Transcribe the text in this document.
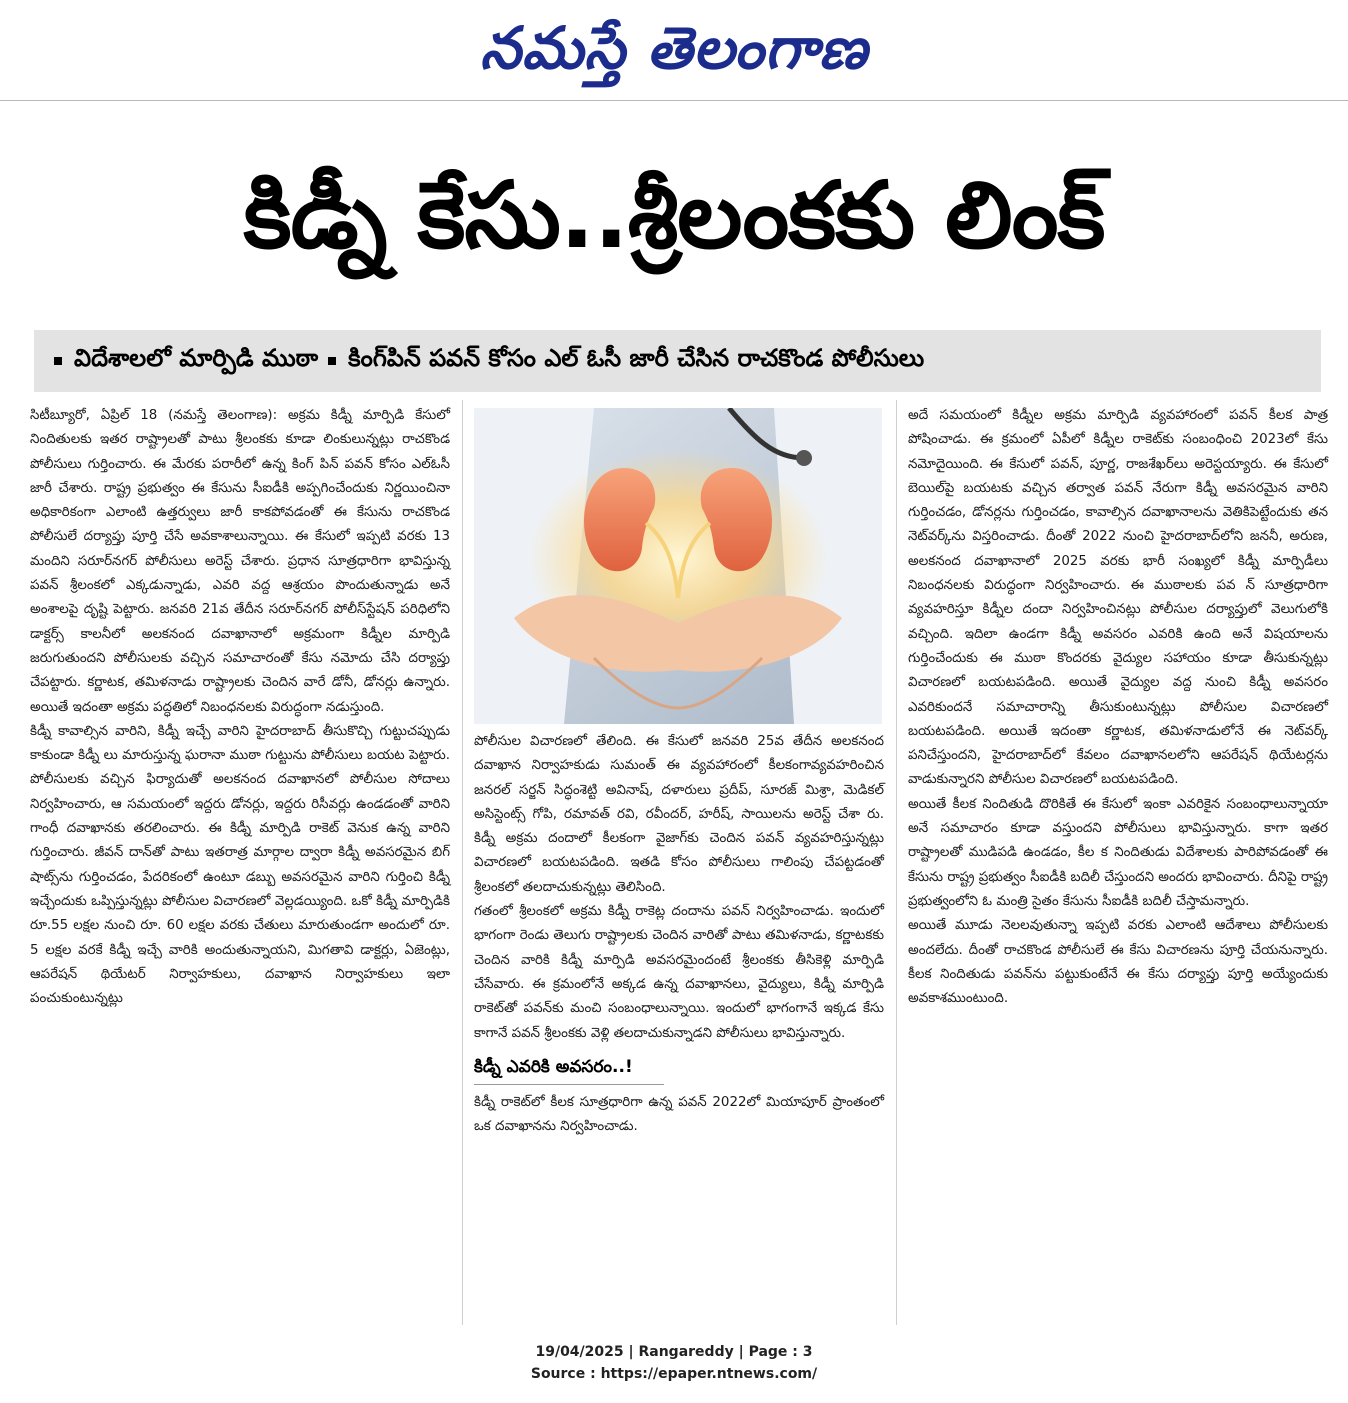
నమస్తే తెలంగాణ
కిడ్నీ కేసు..శ్రీలంకకు లింక్
విదేశాలలో మార్పిడి ముఠా కింగ్‌పిన్ పవన్ కోసం ఎల్ ఓసీ జారీ చేసిన రాచకొండ పోలీసులు

సిటీబ్యూరో, ఏప్రిల్ 18 (నమస్తే తెలంగాణ): అక్రమ కిడ్నీ మార్పిడి కేసులో నిందితులకు ఇతర రాష్ట్రాలతో పాటు శ్రీలంకకు కూడా లింకులున్నట్లు రాచకొండ పోలీసులు గుర్తించారు. ఈ మేరకు పరారీలో ఉన్న కింగ్ పిన్ పవన్ కోసం ఎల్‌ఓసీ జారీ చేశారు. రాష్ట్ర ప్రభుత్వం ఈ కేసును సీఐడీకి అప్పగించేందుకు నిర్ణయించినా అధికారికంగా ఎలాంటి ఉత్తర్వులు జారీ కాకపోవడంతో ఈ కేసును రాచకొండ పోలీసులే దర్యాప్తు పూర్తి చేసే అవకాశాలున్నాయి. ఈ కేసులో ఇప్పటి వరకు 13 మందిని సరూర్‌నగర్ పోలీసులు అరెస్ట్ చేశారు. ప్రధాన సూత్రధారిగా భావిస్తున్న పవన్ శ్రీలంకలో ఎక్కడున్నాడు, ఎవరి వద్ద ఆశ్రయం పొందుతున్నాడు అనే అంశాలపై దృష్టి పెట్టారు. జనవరి 21వ తేదీన సరూర్‌నగర్ పోలీస్‌స్టేషన్ పరిధిలోని డాక్టర్స్ కాలనీలో అలకనంద దవాఖానాలో అక్రమంగా కిడ్నీల మార్పిడి జరుగుతుందని పోలీసులకు వచ్చిన సమాచారంతో కేసు నమోదు చేసి దర్యాప్తు చేపట్టారు. కర్ణాటక, తమిళనాడు రాష్ట్రాలకు చెందిన వారే డోనీ, డోనర్లు ఉన్నారు. అయితే ఇదంతా అక్రమ పద్ధతిలో నిబంధనలకు విరుద్ధంగా నడుస్తుంది.

కిడ్నీ కావాల్సిన వారిని, కిడ్నీ ఇచ్చే వారిని హైదరాబాద్ తీసుకొచ్చి గుట్టుచప్పుడు కాకుండా కిడ్నీ లు మారుస్తున్న ఘరానా ముఠా గుట్టును పోలీసులు బయట పెట్టారు. పోలీసులకు వచ్చిన ఫిర్యాదుతో అలకనంద దవాఖానలో పోలీసుల సోదాలు నిర్వహించారు, ఆ సమయంలో ఇద్దరు డోనర్లు, ఇద్దరు రిసీవర్లు ఉండడంతో వారిని గాంధీ దవాఖానకు తరలించారు. ఈ కిడ్నీ మార్పిడి రాకెట్ వెనుక ఉన్న వారిని గుర్తించారు. జీవన్ దాన్‌తో పాటు ఇతరాత్ర మార్గాల ద్వారా కిడ్నీ అవసరమైన బిగ్ షాట్స్‌ను గుర్తించడం, పేదరికంలో ఉంటూ డబ్బు అవసరమైన వారిని గుర్తించి కిడ్నీ ఇచ్చేందుకు ఒప్పిస్తున్నట్లు పోలీసుల విచారణలో వెల్లడయ్యింది. ఒకో కిడ్నీ మార్పిడికి రూ.55 లక్షల నుంచి రూ. 60 లక్షల వరకు చేతులు మారుతుండగా అందులో రూ. 5 లక్షల వరకే కిడ్నీ ఇచ్చే వారికి అందుతున్నాయని, మిగతావి డాక్టర్లు, ఏజెంట్లు, ఆపరేషన్ థియేటర్ నిర్వాహకులు, దవాఖాన నిర్వాహకులు ఇలా పంచుకుంటున్నట్లు

పోలీసుల విచారణలో తేలింది. ఈ కేసులో జనవరి 25వ తేదీన అలకనంద దవాఖాన నిర్వాహకుడు సుమంత్ ఈ వ్యవహారంలో కీలకంగావ్యవహరించిన జనరల్ సర్జన్ సిద్ధంశెట్టి అవినాష్, దళారులు ప్రదీప్, సూరజ్ మిశ్రా, మెడికల్ అసిస్టెంట్స్ గోపి, రమావత్ రవి, రవీందర్, హరీష్, సాయిలను అరెస్ట్ చేశా రు. కిడ్నీ అక్రమ దందాలో కీలకంగా వైజాగ్‌కు చెందిన పవన్ వ్యవహరిస్తున్నట్లు విచారణలో బయటపడింది. ఇతడి కోసం పోలీసులు గాలింపు చేపట్టడంతో శ్రీలంకలో తలదాచుకున్నట్లు తెలిసింది.

గతంలో శ్రీలంకలో అక్రమ కిడ్నీ రాకెట్ల దందాను పవన్ నిర్వహించాడు. ఇందులో భాగంగా రెండు తెలుగు రాష్ట్రాలకు చెందిన వారితో పాటు తమిళనాడు, కర్ణాటకకు చెందిన వారికి కిడ్నీ మార్పిడి అవసరమైందంటే శ్రీలంకకు తీసికెళ్లి మార్పిడి చేసేవారు. ఈ క్రమంలోనే అక్కడ ఉన్న దవాఖానలు, వైద్యులు, కిడ్నీ మార్పిడి రాకెట్‌తో పవన్‌కు మంచి సంబంధాలున్నాయి. ఇందులో భాగంగానే ఇక్కడ కేసు కాగానే పవన్ శ్రీలంకకు వెళ్లి తలదాచుకున్నాడని పోలీసులు భావిస్తున్నారు.

కిడ్నీ ఎవరికి అవసరం..!

కిడ్నీ రాకెట్‌లో కీలక సూత్రధారిగా ఉన్న పవన్ 2022లో మియాపూర్ ప్రాంతంలో ఒక దవాఖానను నిర్వహించాడు.

అదే సమయంలో కిడ్నీల అక్రమ మార్పిడి వ్యవహారంలో పవన్ కీలక పాత్ర పోషించాడు. ఈ క్రమంలో ఏపీలో కిడ్నీల రాకెట్‌కు సంబంధించి 2023లో కేసు నమోదైయింది. ఈ కేసులో పవన్, పూర్ణ, రాజశేఖర్‌లు అరెస్టయ్యారు. ఈ కేసులో బెయిల్‌పై బయటకు వచ్చిన తర్వాత పవన్ నేరుగా కిడ్నీ అవసరమైన వారిని గుర్తించడం, డోనర్లను గుర్తించడం, కావాల్సిన దవాఖానాలను వెతికిపెట్టేందుకు తన నెట్‌వర్క్‌ను విస్తరించాడు. దీంతో 2022 నుంచి హైదరాబాద్‌లోని జననీ, అరుణ, అలకనంద దవాఖానాలో 2025 వరకు భారీ సంఖ్యలో కిడ్నీ మార్పిడీలు నిబంధనలకు విరుద్ధంగా నిర్వహించారు. ఈ ముఠాలకు పవ న్ సూత్రధారిగా వ్యవహరిస్తూ కిడ్నీల దందా నిర్వహించినట్లు పోలీసుల దర్యాప్తులో వెలుగులోకి వచ్చింది. ఇదిలా ఉండగా కిడ్నీ అవసరం ఎవరికి ఉంది అనే విషయాలను గుర్తించేందుకు ఈ ముఠా కొందరకు వైద్యుల సహాయం కూడా తీసుకున్నట్లు విచారణలో బయటపడింది. అయితే వైద్యుల వద్ద నుంచి కిడ్నీ అవసరం ఎవరికుందనే సమాచారాన్ని తీసుకుంటున్నట్లు పోలీసుల విచారణలో బయటపడింది. అయితే ఇదంతా కర్ణాటక, తమిళనాడులోనే ఈ నెట్‌వర్క్ పనిచేస్తుందని, హైదరాబాద్‌లో కేవలం దవాఖానలలోని ఆపరేషన్ థియేటర్లను వాడుకున్నారని పోలీసుల విచారణలో బయటపడింది.

అయితే కీలక నిందితుడి దొరికితే ఈ కేసులో ఇంకా ఎవరికైన సంబంధాలున్నాయా అనే సమాచారం కూడా వస్తుందని పోలీసులు భావిస్తున్నారు. కాగా ఇతర రాష్ట్రాలతో ముడిపడి ఉండడం, కీల క నిందితుడు విదేశాలకు పారిపోవడంతో ఈ కేసును రాష్ట్ర ప్రభుత్వం సీఐడీకి బదిలీ చేస్తుందని అందరు భావించారు. దీనిపై రాష్ట్ర ప్రభుత్వంలోని ఓ మంత్రి సైతం కేసును సీఐడీకి బదిలీ చేస్తామన్నారు.

అయితే మూడు నెలలవుతున్నా ఇప్పటి వరకు ఎలాంటి ఆదేశాలు పోలీసులకు అందలేదు. దీంతో రాచకొండ పోలీసులే ఈ కేసు విచారణను పూర్తి చేయనున్నారు. కీలక నిందితుడు పవన్‌ను పట్టుకుంటేనే ఈ కేసు దర్యాప్తు పూర్తి అయ్యేందుకు అవకాశముంటుంది.

19/04/2025 | Rangareddy | Page : 3
Source : https://epaper.ntnews.com/
